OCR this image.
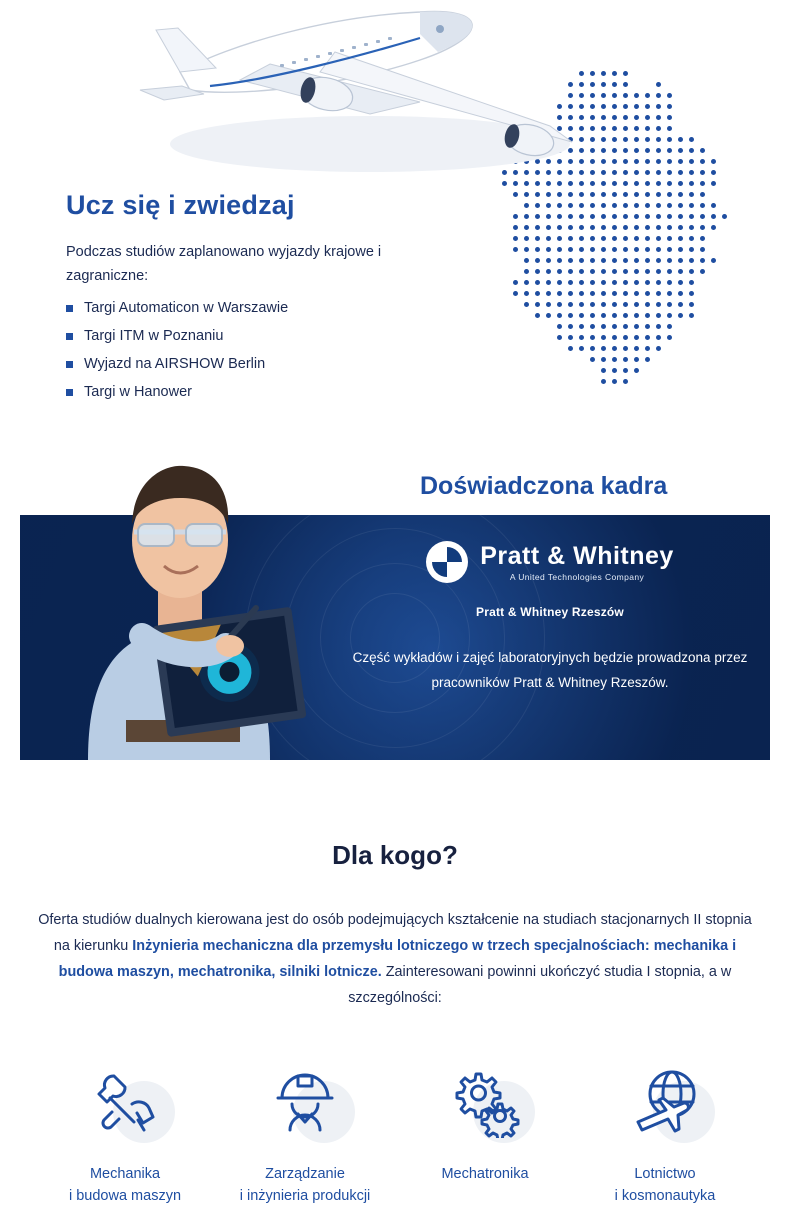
Ucz się i zwiedzaj

Podczas studiów zaplanowano wyjazdy krajowe i zagraniczne:

Targi Automaticon w Warszawie
Targi ITM w Poznaniu
Wyjazd na AIRSHOW Berlin
Targi w Hanower
Doświadczona kadra
Pratt & Whitney
A United Technologies Company
Pratt & Whitney Rzeszów
Część wykładów i zajęć laboratoryjnych będzie prowadzona przez pracowników Pratt & Whitney Rzeszów.
Dla kogo?

Oferta studiów dualnych kierowana jest do osób podejmujących kształcenie na studiach stacjonarnych II stopnia na kierunku Inżynieria mechaniczna dla przemysłu lotniczego w trzech specjalnościach: mechanika i budowa maszyn, mechatronika, silniki lotnicze. Zainteresowani powinni ukończyć studia I stopnia, a w szczególności:

Mechanika
i budowa maszyn
Zarządzanie
i inżynieria produkcji
Mechatronika	Lotnictwo
i kosmonautyka
